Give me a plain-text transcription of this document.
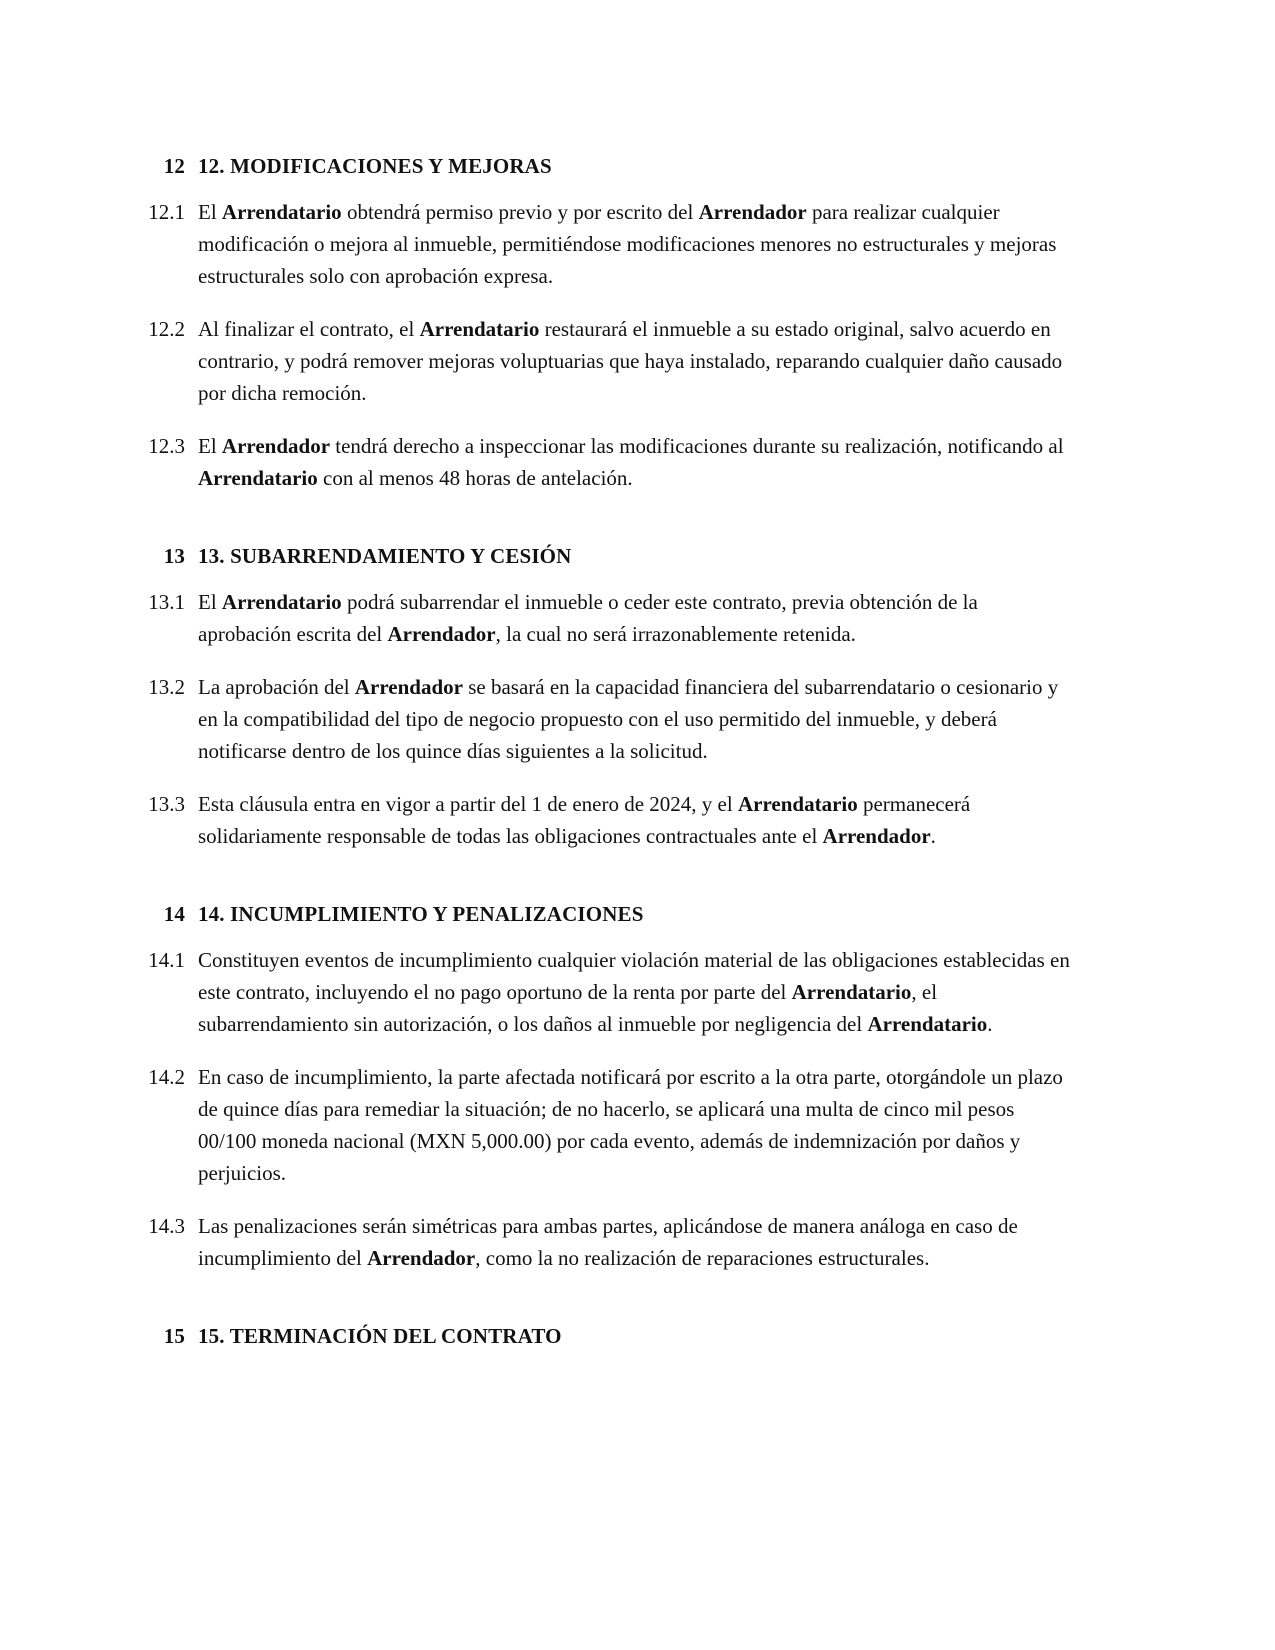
12 12. MODIFICACIONES Y MEJORAS
12.1 El Arrendatario obtendrá permiso previo y por escrito del Arrendador para realizar cualquier modificación o mejora al inmueble, permitiéndose modificaciones menores no estructurales y mejoras estructurales solo con aprobación expresa.
12.2 Al finalizar el contrato, el Arrendatario restaurará el inmueble a su estado original, salvo acuerdo en contrario, y podrá remover mejoras voluptuarias que haya instalado, reparando cualquier daño causado por dicha remoción.
12.3 El Arrendador tendrá derecho a inspeccionar las modificaciones durante su realización, notificando al Arrendatario con al menos 48 horas de antelación.
13 13. SUBARRENDAMIENTO Y CESIÓN
13.1 El Arrendatario podrá subarrendar el inmueble o ceder este contrato, previa obtención de la aprobación escrita del Arrendador, la cual no será irrazonablemente retenida.
13.2 La aprobación del Arrendador se basará en la capacidad financiera del subarrendatario o cesionario y en la compatibilidad del tipo de negocio propuesto con el uso permitido del inmueble, y deberá notificarse dentro de los quince días siguientes a la solicitud.
13.3 Esta cláusula entra en vigor a partir del 1 de enero de 2024, y el Arrendatario permanecerá solidariamente responsable de todas las obligaciones contractuales ante el Arrendador.
14 14. INCUMPLIMIENTO Y PENALIZACIONES
14.1 Constituyen eventos de incumplimiento cualquier violación material de las obligaciones establecidas en este contrato, incluyendo el no pago oportuno de la renta por parte del Arrendatario, el subarrendamiento sin autorización, o los daños al inmueble por negligencia del Arrendatario.
14.2 En caso de incumplimiento, la parte afectada notificará por escrito a la otra parte, otorgándole un plazo de quince días para remediar la situación; de no hacerlo, se aplicará una multa de cinco mil pesos 00/100 moneda nacional (MXN 5,000.00) por cada evento, además de indemnización por daños y perjuicios.
14.3 Las penalizaciones serán simétricas para ambas partes, aplicándose de manera análoga en caso de incumplimiento del Arrendador, como la no realización de reparaciones estructurales.
15 15. TERMINACIÓN DEL CONTRATO
